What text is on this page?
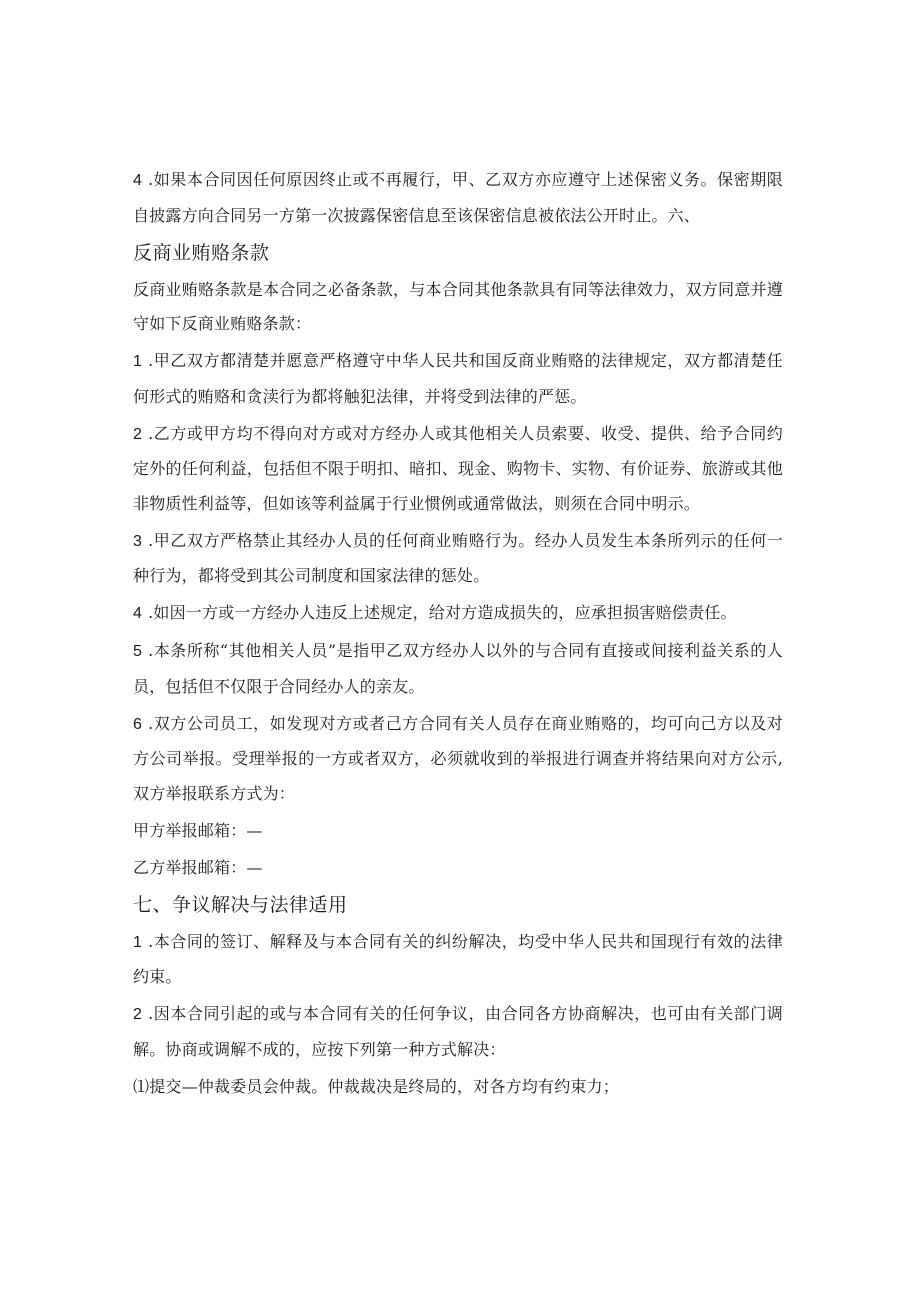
4 .如果本合同因任何原因终止或不再履行，甲、乙双方亦应遵守上述保密义务。保密期限自披露方向合同另一方第一次披露保密信息至该保密信息被依法公开时止。六、

反商业贿赂条款

反商业贿赂条款是本合同之必备条款，与本合同其他条款具有同等法律效力，双方同意并遵守如下反商业贿赂条款：

1 .甲乙双方都清楚并愿意严格遵守中华人民共和国反商业贿赂的法律规定，双方都清楚任何形式的贿赂和贪渎行为都将触犯法律，并将受到法律的严惩。

2 .乙方或甲方均不得向对方或对方经办人或其他相关人员索要、收受、提供、给予合同约定外的任何利益，包括但不限于明扣、暗扣、现金、购物卡、实物、有价证券、旅游或其他非物质性利益等，但如该等利益属于行业惯例或通常做法，则须在合同中明示。

3 .甲乙双方严格禁止其经办人员的任何商业贿赂行为。经办人员发生本条所列示的任何一种行为，都将受到其公司制度和国家法律的惩处。

4 .如因一方或一方经办人违反上述规定，给对方造成损失的，应承担损害赔偿责任。

5 .本条所称“其他相关人员”是指甲乙双方经办人以外的与合同有直接或间接利益关系的人员，包括但不仅限于合同经办人的亲友。

6 .双方公司员工，如发现对方或者己方合同有关人员存在商业贿赂的，均可向己方以及对方公司举报。受理举报的一方或者双方，必须就收到的举报进行调查并将结果向对方公示,双方举报联系方式为：

甲方举报邮箱：—

乙方举报邮箱：—

七、争议解决与法律适用

1 .本合同的签订、解释及与本合同有关的纠纷解决，均受中华人民共和国现行有效的法律约束。

2 .因本合同引起的或与本合同有关的任何争议，由合同各方协商解决，也可由有关部门调解。协商或调解不成的，应按下列第一种方式解决：

⑴提交—仲裁委员会仲裁。仲裁裁决是终局的，对各方均有约束力；
